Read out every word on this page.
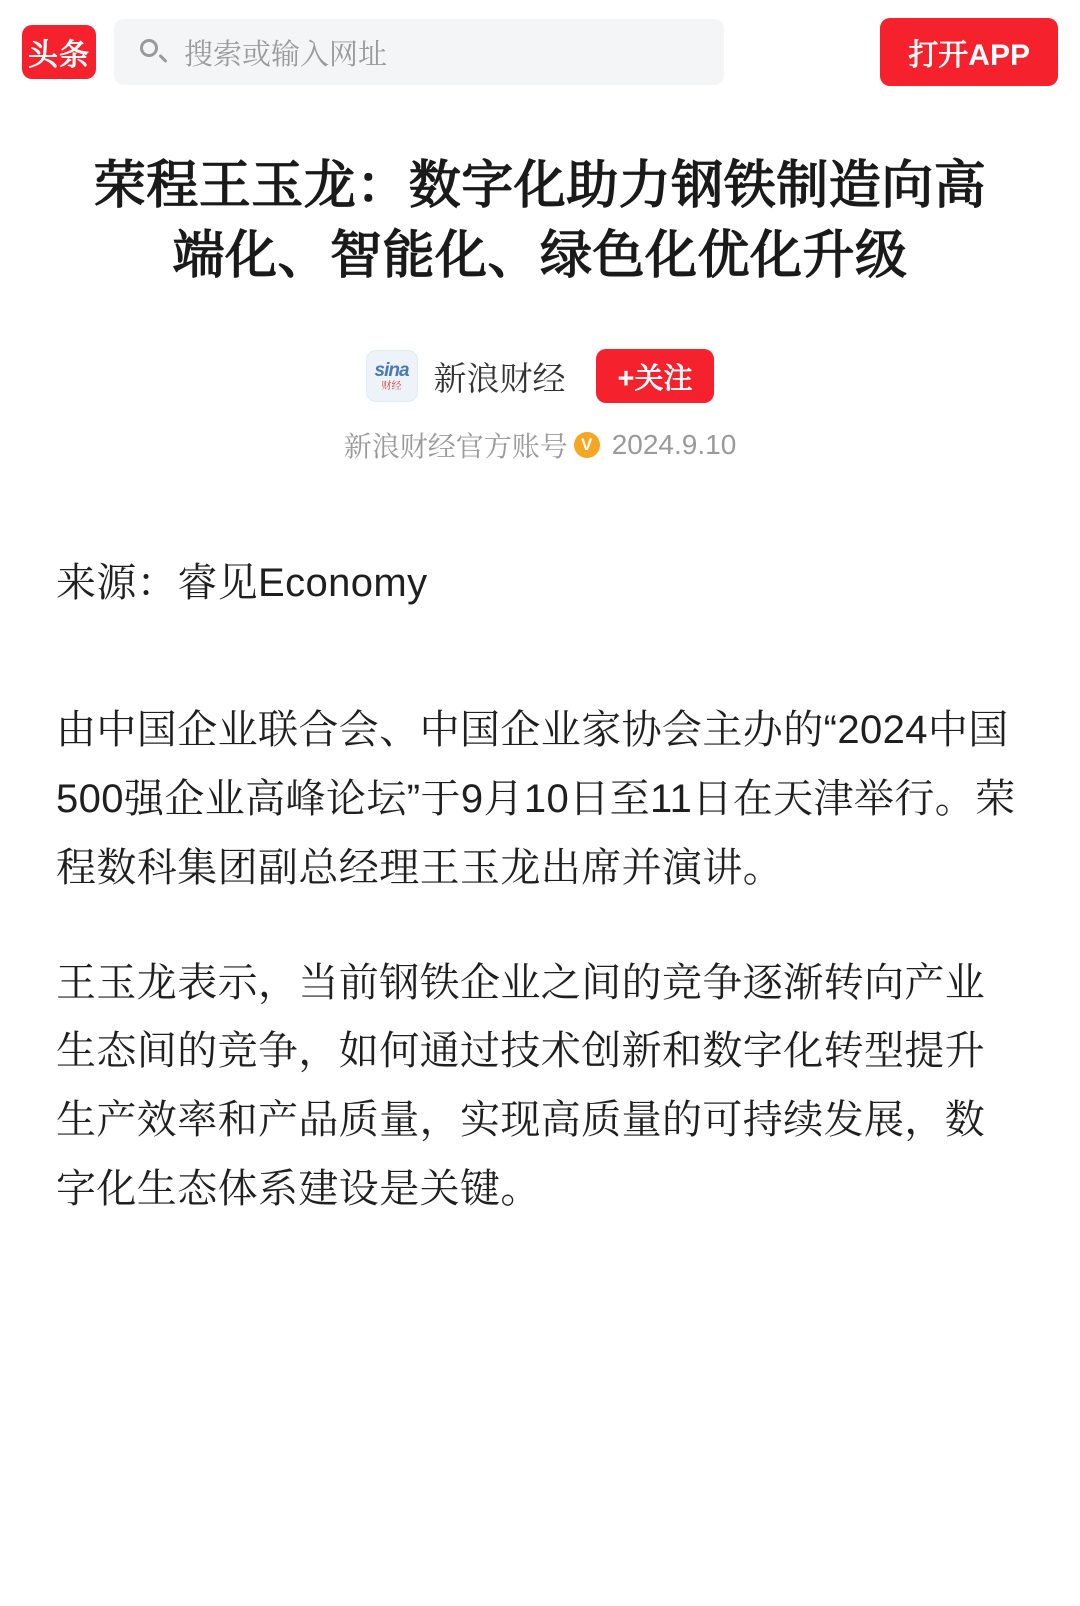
头条	搜索或输入网址	打开APP
荣程王玉龙：数字化助力钢铁制造向高端化、智能化、绿色化优化升级
sina
财经 新浪财经	+关注
新浪财经官方账号 V 2024.9.10

来源：睿见Economy

由中国企业联合会、中国企业家协会主办的“2024中国500强企业高峰论坛”于9月10日至11日在天津举行。荣程数科集团副总经理王玉龙出席并演讲。

王玉龙表示，当前钢铁企业之间的竞争逐渐转向产业生态间的竞争，如何通过技术创新和数字化转型提升生产效率和产品质量，实现高质量的可持续发展，数字化生态体系建设是关键。
